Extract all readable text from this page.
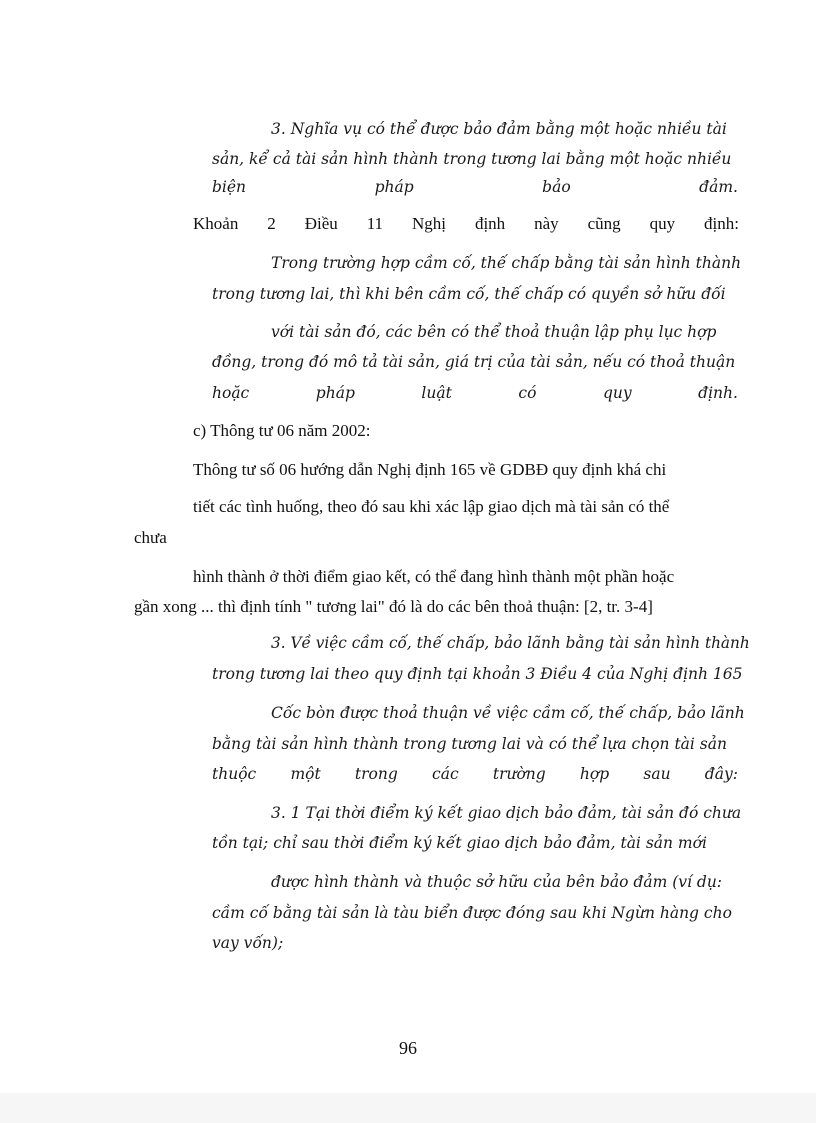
3. Nghĩa vụ có thể được bảo đảm bằng một hoặc nhiều tài
sản, kể cả tài sản hình thành trong tương lai bằng một hoặc nhiều
biện	pháp	bảo	đảm.
Khoản 2 Điều 11 Nghị định này cũng quy định:
Trong trường hợp cầm cố, thế chấp bằng tài sản hình thành
trong tương lai, thì khi bên cầm cố, thế chấp có quyền sở hữu đối
với tài sản đó, các bên có thể thoả thuận lập phụ lục hợp
đồng, trong đó mô tả tài sản, giá trị của tài sản, nếu có thoả thuận
hoặc	pháp	luật	có	quy	định.
c) Thông tư 06 năm 2002:
Thông tư số 06 hướng dẫn Nghị định 165 về GDBĐ quy định khá chi
tiết các tình huống, theo đó sau khi xác lập giao dịch mà tài sản có thể
chưa
hình thành ở thời điểm giao kết, có thể đang hình thành một phần hoặc
gần xong ... thì định tính " tương lai" đó là do các bên thoả thuận: [2, tr. 3-4]
3. Về việc cầm cố, thế chấp, bảo lãnh bằng tài sản hình thành
trong tương lai theo quy định tại khoản 3 Điều 4 của Nghị định 165
Cốc bòn được thoả thuận về việc cầm cố, thế chấp, bảo lãnh
bằng tài sản hình thành trong tương lai và có thể lựa chọn tài sản
thuộc một trong các trường hợp sau đây:
3. 1 Tại thời điểm ký kết giao dịch bảo đảm, tài sản đó chưa
tồn tại; chỉ sau thời điểm ký kết giao dịch bảo đảm, tài sản mới
được hình thành và thuộc sở hữu của bên bảo đảm (ví dụ:
cầm cố bằng tài sản là tàu biển được đóng sau khi Ngừn hàng cho
vay vốn);
96
